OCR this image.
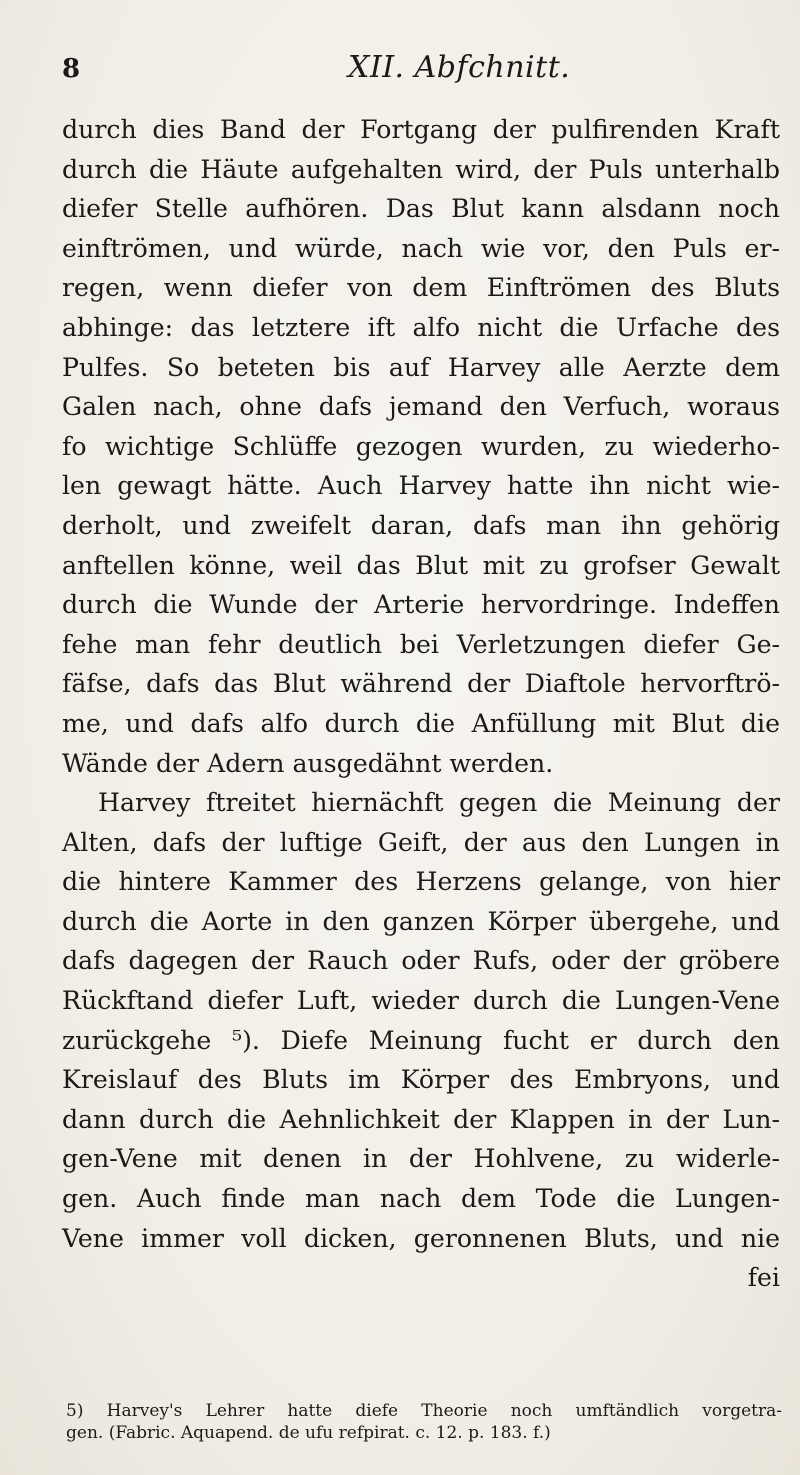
8	XII. Abfchnitt.
durch dies Band der Fortgang der pulfirenden Kraft
durch die Häute aufgehalten wird, der Puls unterhalb
diefer Stelle aufhören. Das Blut kann alsdann noch
einftrömen, und würde, nach wie vor, den Puls er-
regen, wenn diefer von dem Einftrömen des Bluts
abhinge: das letztere ift alfo nicht die Urfache des
Pulfes. So beteten bis auf Harvey alle Aerzte dem
Galen nach, ohne dafs jemand den Verfuch, woraus
fo wichtige Schlüffe gezogen wurden, zu wiederho-
len gewagt hätte. Auch Harvey hatte ihn nicht wie-
derholt, und zweifelt daran, dafs man ihn gehörig
anftellen könne, weil das Blut mit zu grofser Gewalt
durch die Wunde der Arterie hervordringe. Indeffen
fehe man fehr deutlich bei Verletzungen diefer Ge-
fäfse, dafs das Blut während der Diaftole hervorftrö-
me, und dafs alfo durch die Anfüllung mit Blut die
Wände der Adern ausgedähnt werden.
Harvey ftreitet hiernächft gegen die Meinung der
Alten, dafs der luftige Geift, der aus den Lungen in
die hintere Kammer des Herzens gelange, von hier
durch die Aorte in den ganzen Körper übergehe, und
dafs dagegen der Rauch oder Rufs, oder der gröbere
Rückftand diefer Luft, wieder durch die Lungen-Vene
zurückgehe ⁵). Diefe Meinung fucht er durch den
Kreislauf des Bluts im Körper des Embryons, und
dann durch die Aehnlichkeit der Klappen in der Lun-
gen-Vene mit denen in der Hohlvene, zu widerle-
gen. Auch finde man nach dem Tode die Lungen-
Vene immer voll dicken, geronnenen Bluts, und nie
fei
5) Harvey's Lehrer hatte diefe Theorie noch umftändlich vorgetra-
gen. (Fabric. Aquapend. de ufu refpirat. c. 12. p. 183. f.)
